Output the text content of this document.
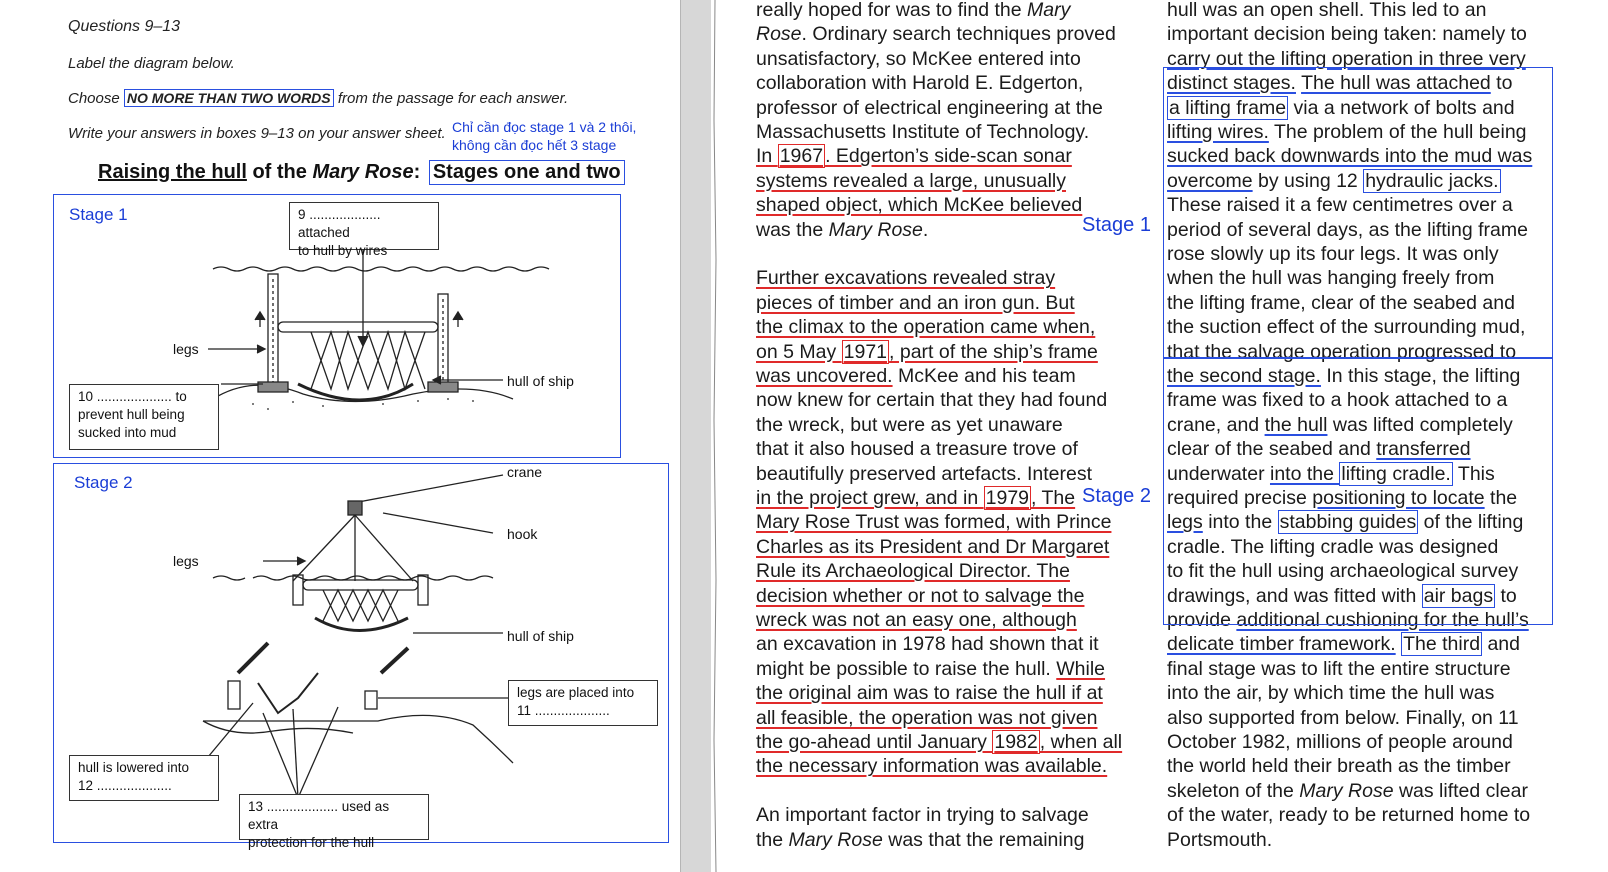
Questions 9–13
Label the diagram below.
Choose NO MORE THAN TWO WORDS from the passage for each answer.
Write your answers in boxes 9–13 on your answer sheet. Chỉ cần đọc stage 1 và 2 thôi,
không cần đọc hết 3 stage
Raising the hull of the Mary Rose: Stages one and two
Stage 1	9 ................... attached
to hull by wires
legs
hull of ship
10 .................... to
prevent hull being
sucked into mud
Stage 2
crane
hook
legs
hull of ship
legs are placed into
11 ....................
hull is lowered into
12 ....................
13 ................... used as extra
protection for the hull
really hoped for was to find the Mary
Rose. Ordinary search techniques proved
unsatisfactory, so McKee entered into
collaboration with Harold E. Edgerton,
professor of electrical engineering at the
Massachusetts Institute of Technology.
In 1967 . Edgerton’s side-scan sonar
systems revealed a large, unusually
shaped object, which McKee believed
was the Mary Rose.
Further excavations revealed stray
pieces of timber and an iron gun. But
the climax to the operation came when,
on 5 May 1971 , part of the ship’s frame
was uncovered. McKee and his team
now knew for certain that they had found
the wreck, but were as yet unaware
that it also housed a treasure trove of
beautifully preserved artefacts. Interest
in the project grew, and in 1979 , The
Mary Rose Trust was formed, with Prince
Charles as its President and Dr Margaret
Rule its Archaeological Director. The
decision whether or not to salvage the
wreck was not an easy one, although
an excavation in 1978 had shown that it
might be possible to raise the hull. While
the original aim was to raise the hull if at
all feasible, the operation was not given
the go-ahead until January 1982 , when all
the necessary information was available.
An important factor in trying to salvage
the Mary Rose was that the remaining
hull was an open shell. This led to an
important decision being taken: namely to
carry out the lifting operation in three very
distinct stages. The hull was attached to
a lifting frame via a network of bolts and
lifting wires. The problem of the hull being
sucked back downwards into the mud was
overcome by using 12 hydraulic jacks.
These raised it a few centimetres over a
period of several days, as the lifting frame
rose slowly up its four legs. It was only
when the hull was hanging freely from
the lifting frame, clear of the seabed and
the suction effect of the surrounding mud,
that the salvage operation progressed to
the second stage. In this stage, the lifting
frame was fixed to a hook attached to a
crane, and the hull was lifted completely
clear of the seabed and transferred
underwater into the lifting cradle. This
required precise positioning to locate the
legs into the stabbing guides of the lifting
cradle. The lifting cradle was designed
to fit the hull using archaeological survey
drawings, and was fitted with air bags to
provide additional cushioning for the hull’s
delicate timber framework. The third and
final stage was to lift the entire structure
into the air, by which time the hull was
also supported from below. Finally, on 11
October 1982, millions of people around
the world held their breath as the timber
skeleton of the Mary Rose was lifted clear
of the water, ready to be returned home to
Portsmouth.
Stage 1
Stage 2
